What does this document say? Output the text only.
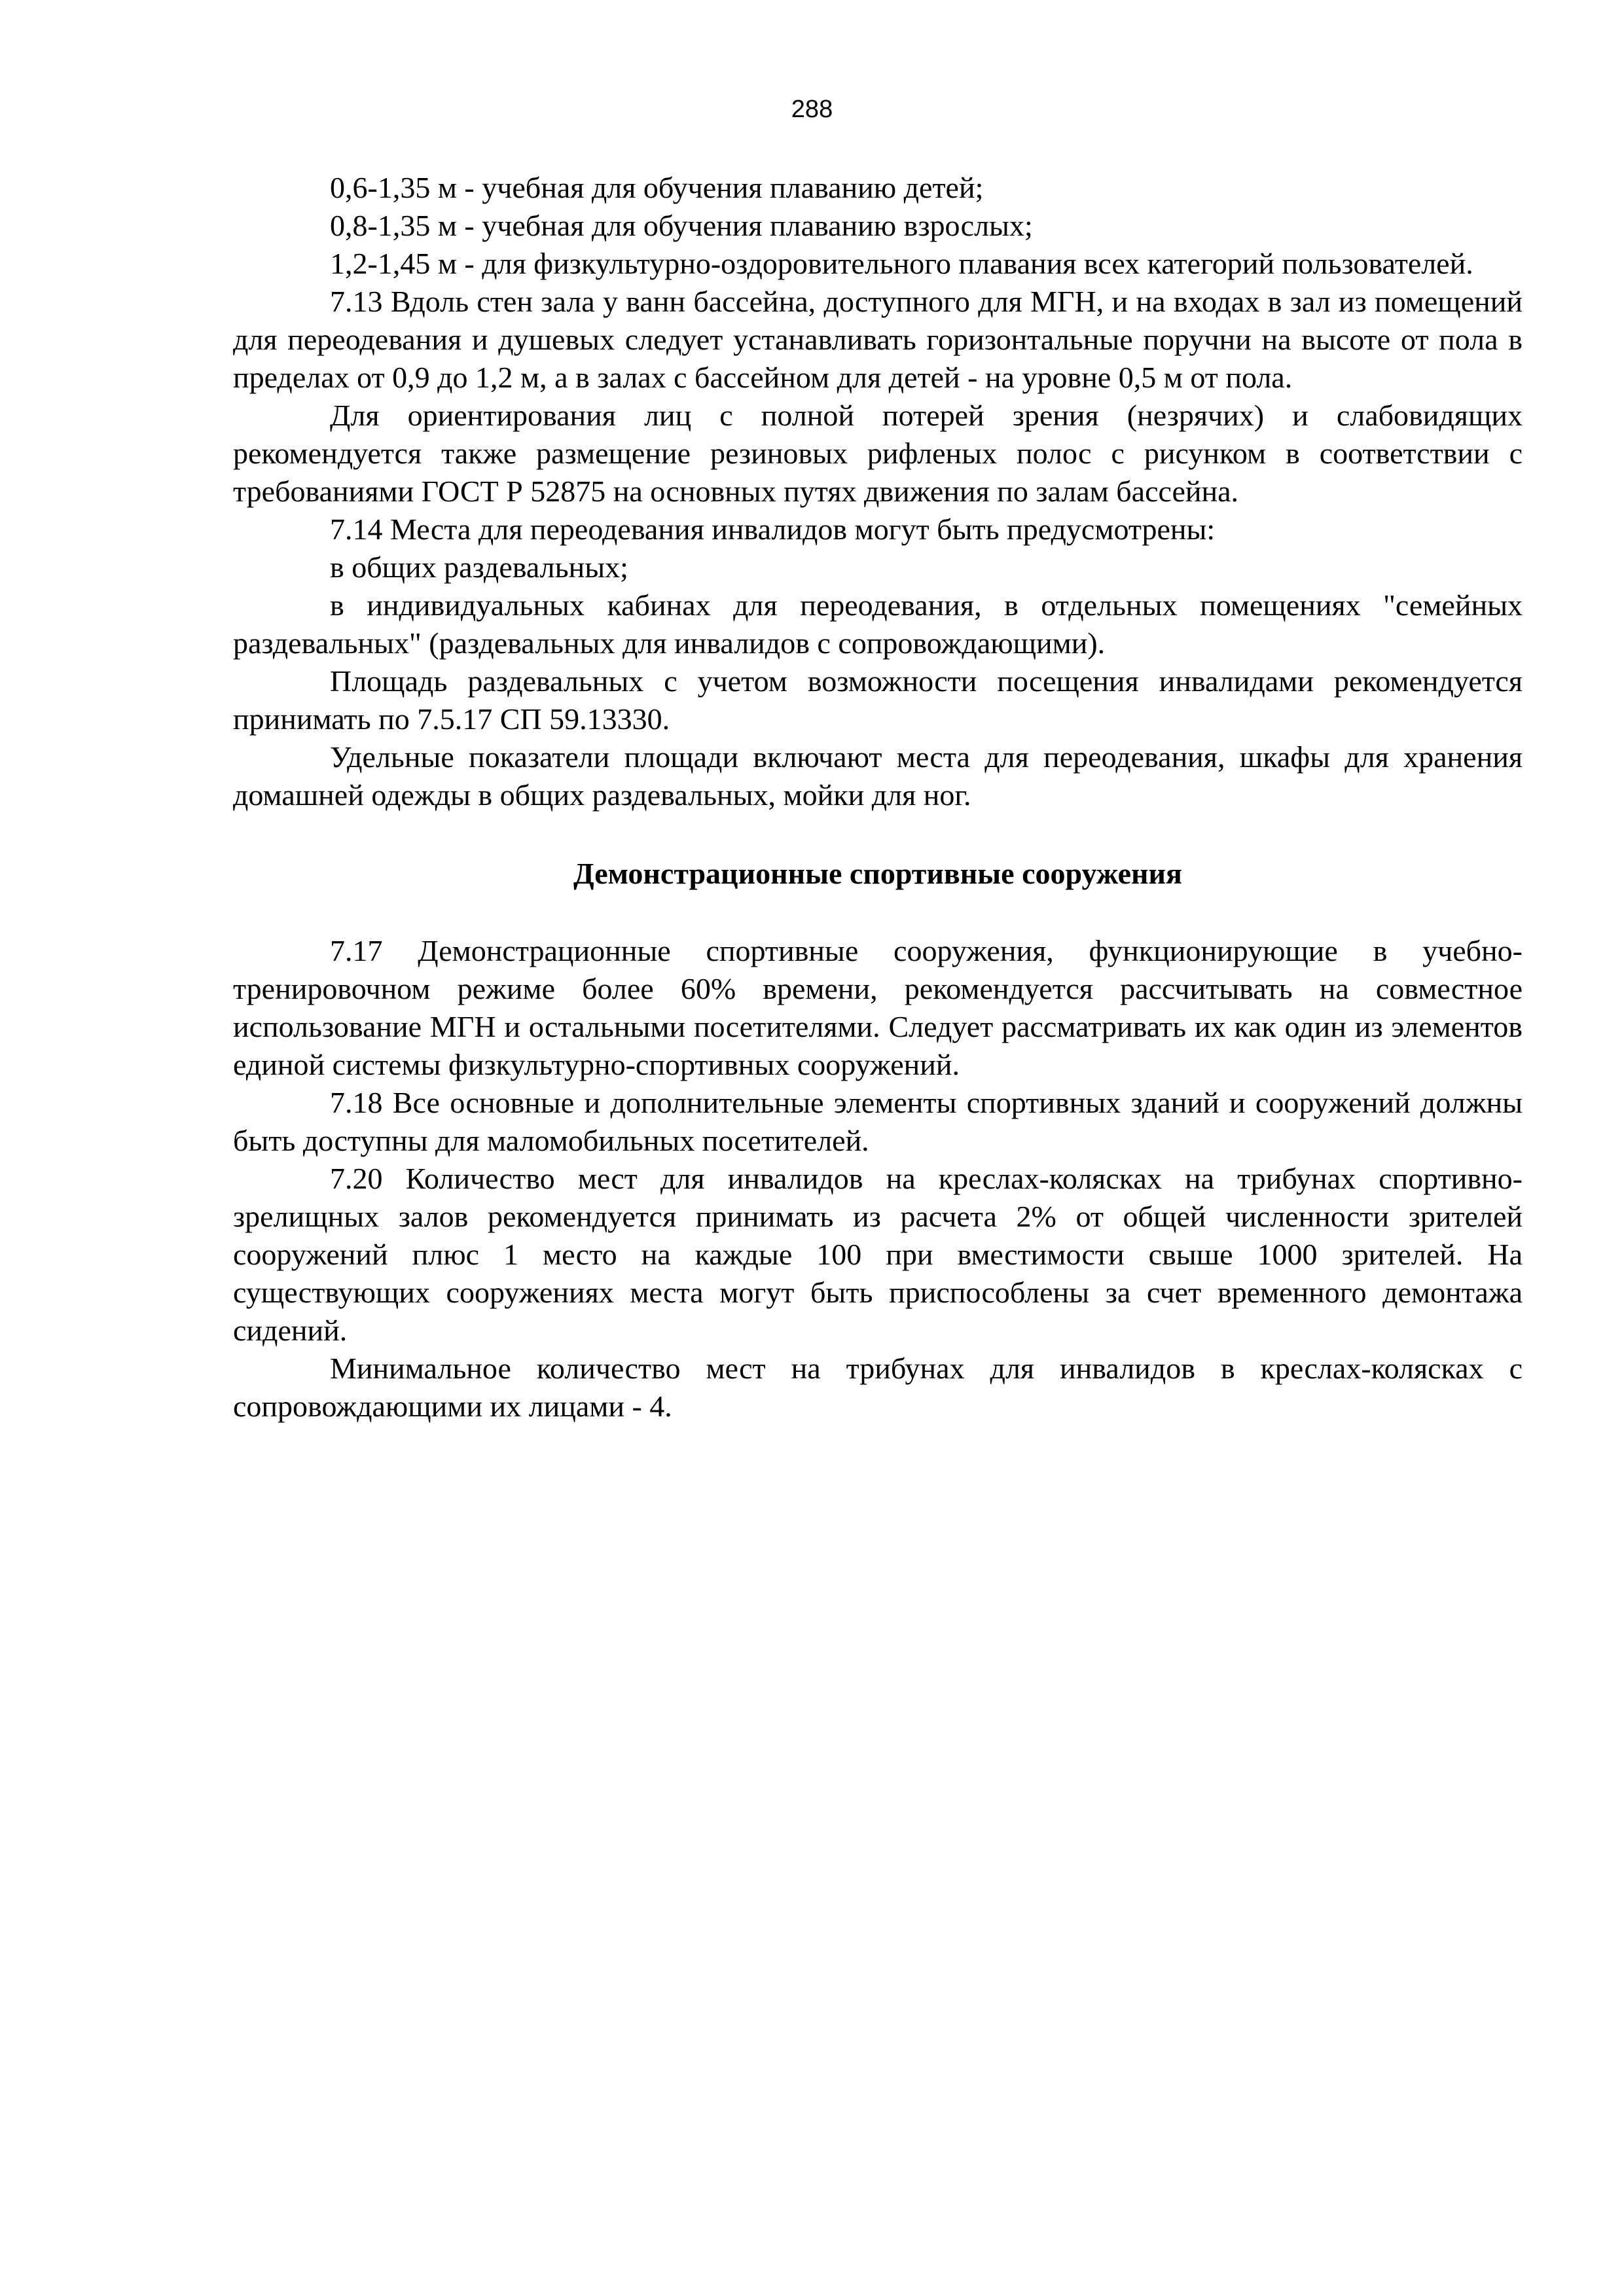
288

0,6-1,35 м - учебная для обучения плаванию детей;

0,8-1,35 м - учебная для обучения плаванию взрослых;

1,2-1,45 м - для физкультурно-оздоровительного плавания всех категорий пользователей.

7.13 Вдоль стен зала у ванн бассейна, доступного для МГН, и на входах в зал из помещений для переодевания и душевых следует устанавливать горизонтальные поручни на высоте от пола в пределах от 0,9 до 1,2 м, а в залах с бассейном для детей - на уровне 0,5 м от пола.

Для ориентирования лиц с полной потерей зрения (незрячих) и слабовидящих рекомендуется также размещение резиновых рифленых полос с рисунком в соответствии с требованиями ГОСТ Р 52875 на основных путях движения по залам бассейна.

7.14 Места для переодевания инвалидов могут быть предусмотрены:

в общих раздевальных;

в индивидуальных кабинах для переодевания, в отдельных помещениях "семейных раздевальных" (раздевальных для инвалидов с сопровождающими).

Площадь раздевальных с учетом возможности посещения инвалидами рекомендуется принимать по 7.5.17 СП 59.13330.

Удельные показатели площади включают места для переодевания, шкафы для хранения домашней одежды в общих раздевальных, мойки для ног.

Демонстрационные спортивные сооружения

7.17 Демонстрационные спортивные сооружения, функционирующие в учебно-тренировочном режиме более 60% времени, рекомендуется рассчитывать на совместное использование МГН и остальными посетителями. Следует рассматривать их как один из элементов единой системы физкультурно-спортивных сооружений.

7.18 Все основные и дополнительные элементы спортивных зданий и сооружений должны быть доступны для маломобильных посетителей.

7.20 Количество мест для инвалидов на креслах-колясках на трибунах спортивно-зрелищных залов рекомендуется принимать из расчета 2% от общей численности зрителей сооружений плюс 1 место на каждые 100 при вместимости свыше 1000 зрителей. На существующих сооружениях места могут быть приспособлены за счет временного демонтажа сидений.

Минимальное количество мест на трибунах для инвалидов в креслах-колясках с сопровождающими их лицами - 4.
